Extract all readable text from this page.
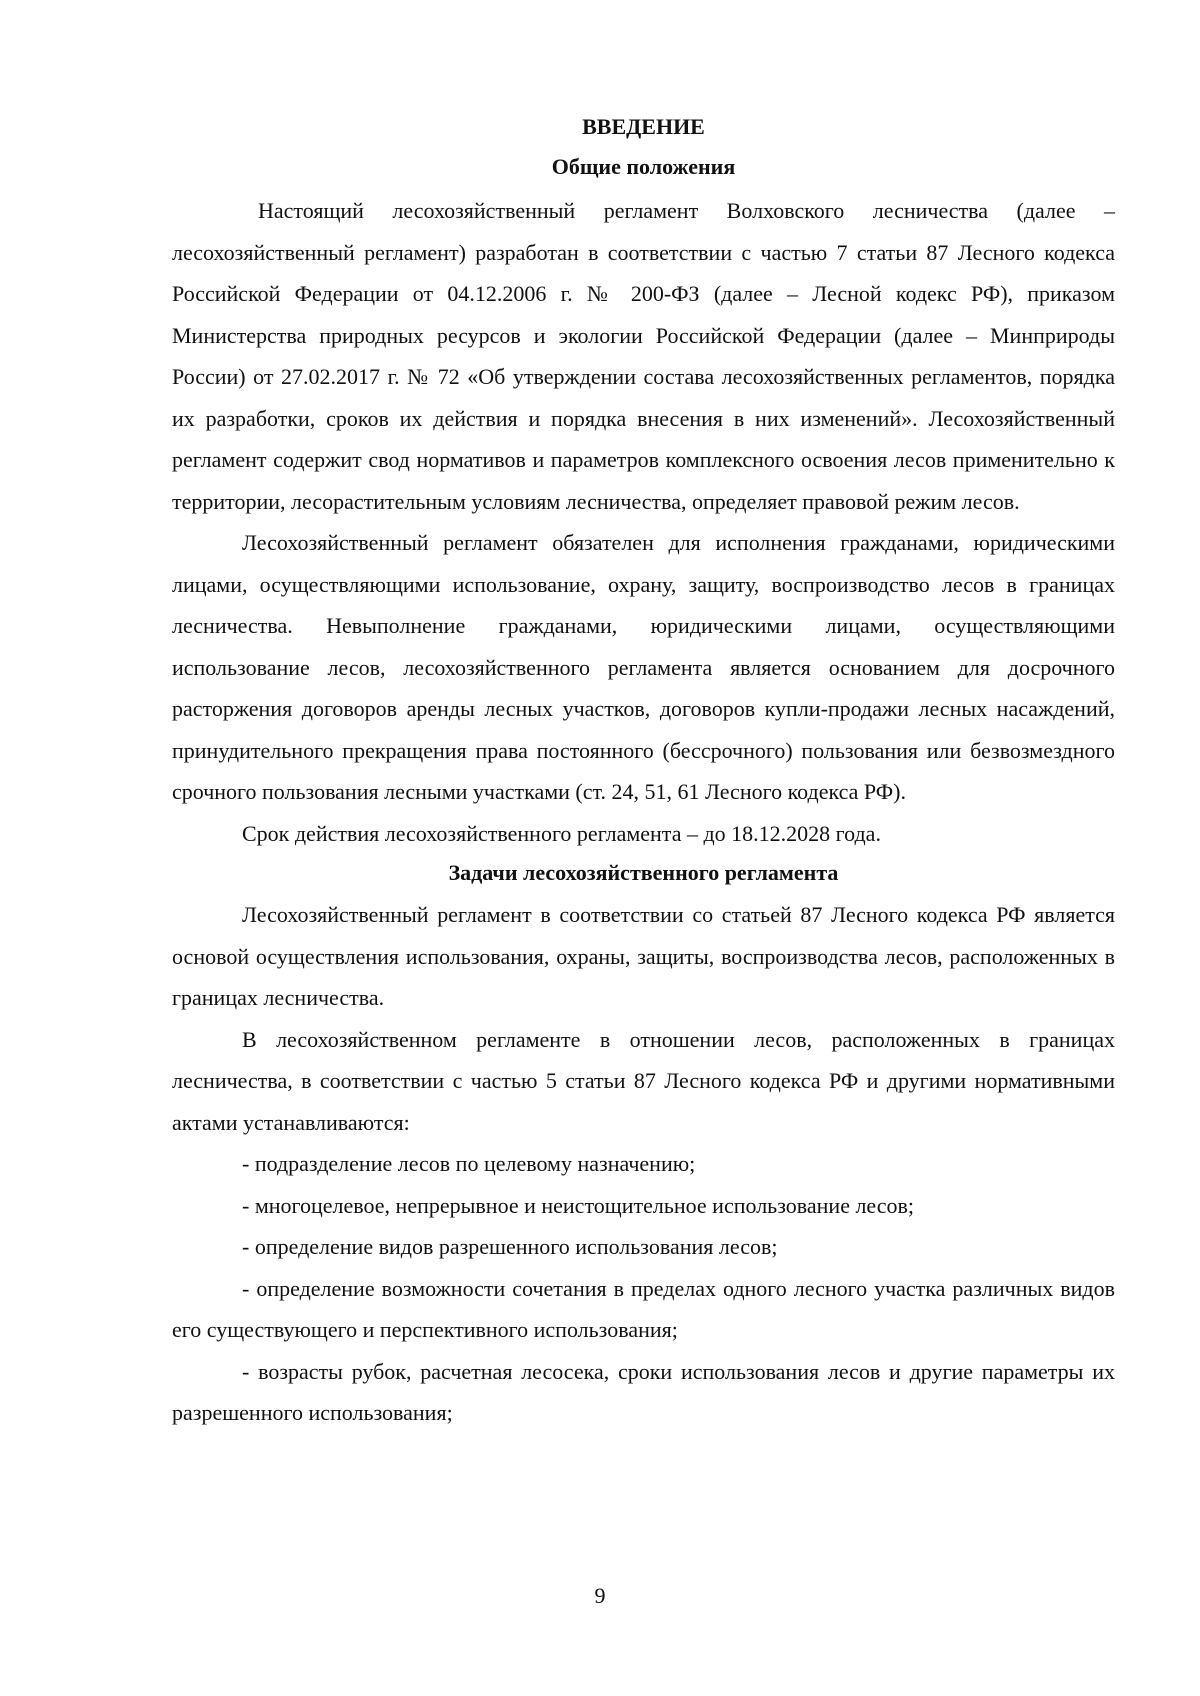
ВВЕДЕНИЕ
Общие положения

Настоящий лесохозяйственный регламент Волховского лесничества (далее – лесохозяйственный регламент) разработан в соответствии с частью 7 статьи 87 Лесного кодекса Российской Федерации от 04.12.2006 г. № 200-ФЗ (далее – Лесной кодекс РФ), приказом Министерства природных ресурсов и экологии Российской Федерации (далее – Минприроды России) от 27.02.2017 г. № 72 «Об утверждении состава лесохозяйственных регламентов, порядка их разработки, сроков их действия и порядка внесения в них изменений». Лесохозяйственный регламент содержит свод нормативов и параметров комплексного освоения лесов применительно к территории, лесорастительным условиям лесничества, определяет правовой режим лесов.

Лесохозяйственный регламент обязателен для исполнения гражданами, юридическими лицами, осуществляющими использование, охрану, защиту, воспроизводство лесов в границах лесничества. Невыполнение гражданами, юридическими лицами, осуществляющими использование лесов, лесохозяйственного регламента является основанием для досрочного расторжения договоров аренды лесных участков, договоров купли-продажи лесных насаждений, принудительного прекращения права постоянного (бессрочного) пользования или безвозмездного срочного пользования лесными участками (ст. 24, 51, 61 Лесного кодекса РФ).

Срок действия лесохозяйственного регламента – до 18.12.2028 года.

Задачи лесохозяйственного регламента

Лесохозяйственный регламент в соответствии со статьей 87 Лесного кодекса РФ является основой осуществления использования, охраны, защиты, воспроизводства лесов, расположенных в границах лесничества.

В лесохозяйственном регламенте в отношении лесов, расположенных в границах лесничества, в соответствии с частью 5 статьи 87 Лесного кодекса РФ и другими нормативными актами устанавливаются:

- подразделение лесов по целевому назначению;

- многоцелевое, непрерывное и неистощительное использование лесов;

- определение видов разрешенного использования лесов;

- определение возможности сочетания в пределах одного лесного участка различных видов его существующего и перспективного использования;

- возрасты рубок, расчетная лесосека, сроки использования лесов и другие параметры их разрешенного использования;

9
